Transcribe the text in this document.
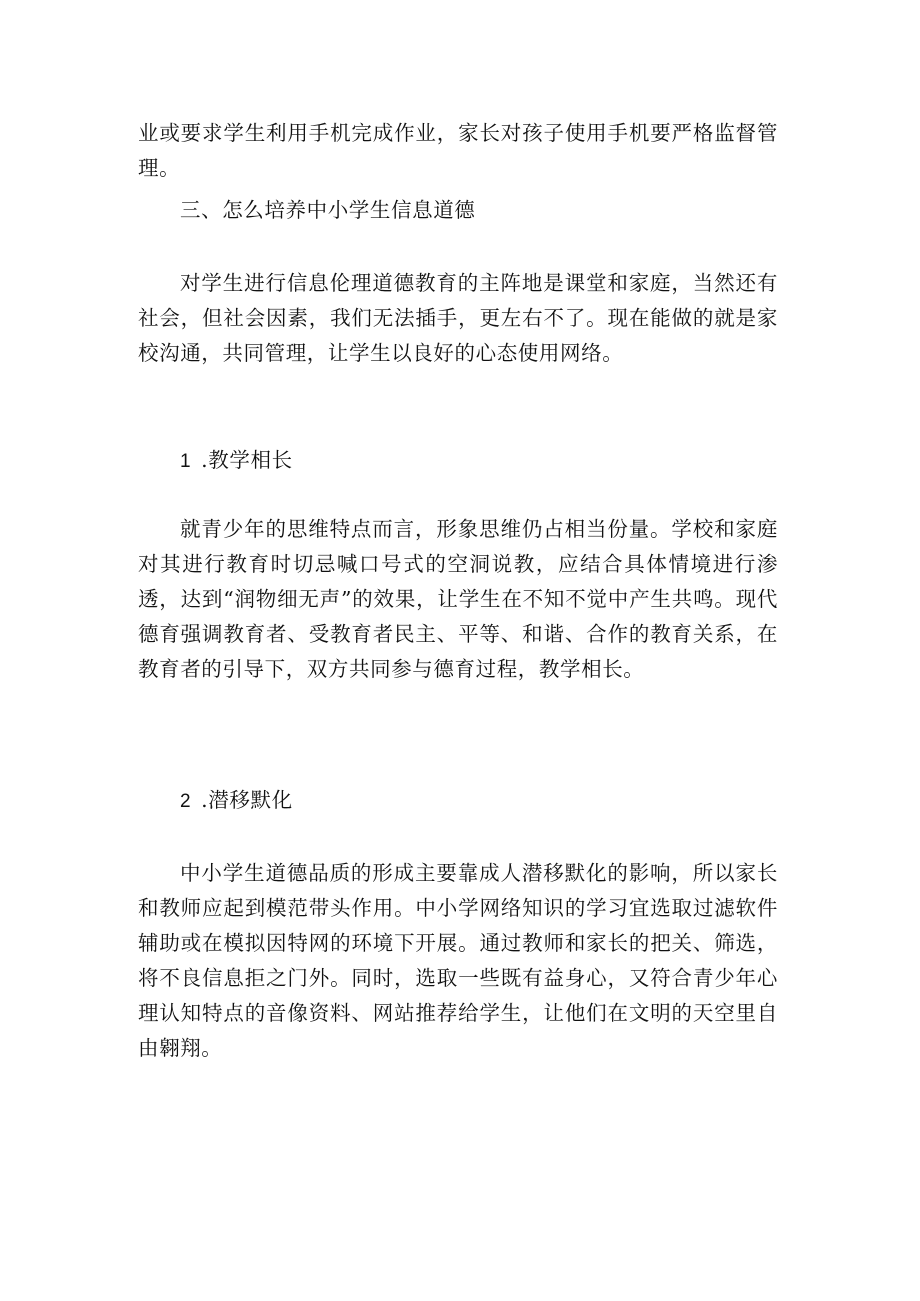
业或要求学生利用手机完成作业，家长对孩子使用手机要严格监督管理。

三、怎么培养中小学生信息道德

对学生进行信息伦理道德教育的主阵地是课堂和家庭，当然还有社会，但社会因素，我们无法插手，更左右不了。现在能做的就是家校沟通，共同管理，让学生以良好的心态使用网络。

1 .教学相长

就青少年的思维特点而言，形象思维仍占相当份量。学校和家庭对其进行教育时切忌喊口号式的空洞说教，应结合具体情境进行渗透，达到“润物细无声”的效果，让学生在不知不觉中产生共鸣。现代德育强调教育者、受教育者民主、平等、和谐、合作的教育关系，在教育者的引导下，双方共同参与德育过程，教学相长。

2 .潜移默化

中小学生道德品质的形成主要靠成人潜移默化的影响，所以家长和教师应起到模范带头作用。中小学网络知识的学习宜选取过滤软件辅助或在模拟因特网的环境下开展。通过教师和家长的把关、筛选，将不良信息拒之门外。同时，选取一些既有益身心，又符合青少年心理认知特点的音像资料、网站推荐给学生，让他们在文明的天空里自由翱翔。
